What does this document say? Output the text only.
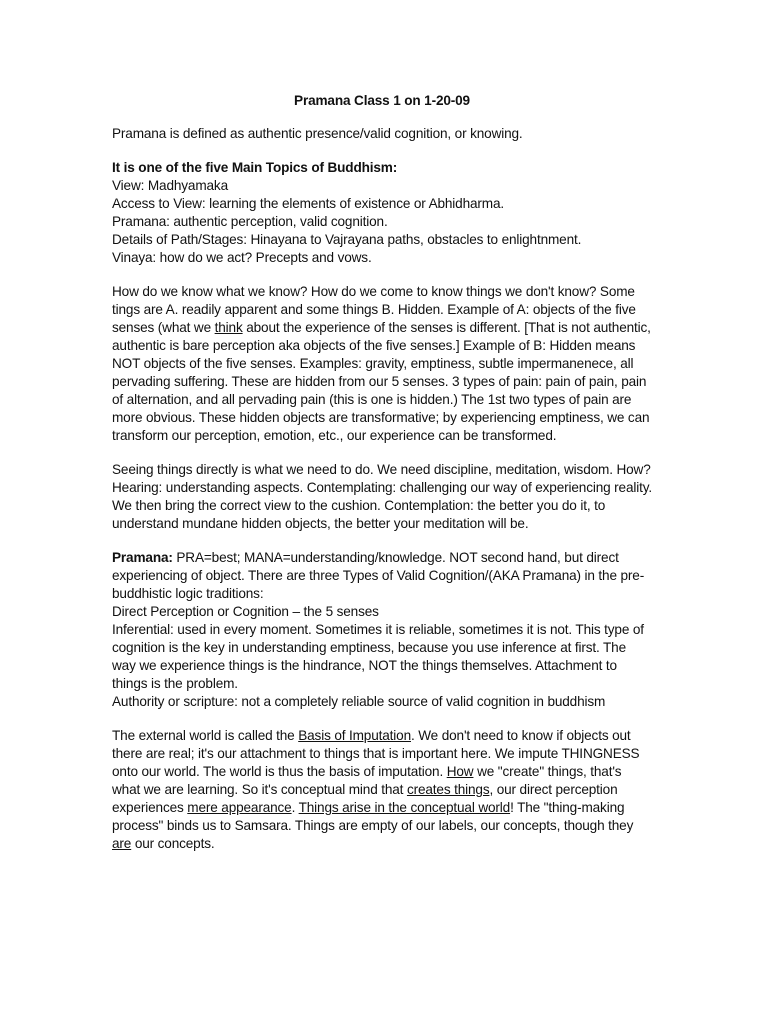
Pramana Class 1 on 1-20-09

Pramana is defined as authentic presence/valid cognition, or knowing.

It is one of the five Main Topics of Buddhism:

View: Madhyamaka

Access to View: learning the elements of existence or Abhidharma.

Pramana: authentic perception, valid cognition.

Details of Path/Stages: Hinayana to Vajrayana paths, obstacles to enlightnment.

Vinaya: how do we act? Precepts and vows.

How do we know what we know? How do we come to know things we don't know? Some tings are A. readily apparent and some things B. Hidden. Example of A: objects of the five senses (what we think about the experience of the senses is different. [That is not authentic, authentic is bare perception aka objects of the five senses.] Example of B: Hidden means NOT objects of the five senses. Examples: gravity, emptiness, subtle impermanenece, all pervading suffering. These are hidden from our 5 senses. 3 types of pain: pain of pain, pain of alternation, and all pervading pain (this is one is hidden.) The 1st two types of pain are more obvious. These hidden objects are transformative; by experiencing emptiness, we can transform our perception, emotion, etc., our experience can be transformed.

Seeing things directly is what we need to do. We need discipline, meditation, wisdom. How? Hearing: understanding aspects. Contemplating: challenging our way of experiencing reality. We then bring the correct view to the cushion. Contemplation: the better you do it, to understand mundane hidden objects, the better your meditation will be.

Pramana: PRA=best; MANA=understanding/knowledge. NOT second hand, but direct experiencing of object. There are three Types of Valid Cognition/(AKA Pramana) in the pre-buddhistic logic traditions:

Direct Perception or Cognition – the 5 senses

Inferential: used in every moment. Sometimes it is reliable, sometimes it is not. This type of cognition is the key in understanding emptiness, because you use inference at first. The way we experience things is the hindrance, NOT the things themselves. Attachment to things is the problem.

Authority or scripture: not a completely reliable source of valid cognition in buddhism

The external world is called the Basis of Imputation. We don't need to know if objects out there are real; it's our attachment to things that is important here. We impute THINGNESS onto our world. The world is thus the basis of imputation. How we "create" things, that's what we are learning. So it's conceptual mind that creates things, our direct perception experiences mere appearance. Things arise in the conceptual world! The "thing-making process" binds us to Samsara. Things are empty of our labels, our concepts, though they are our concepts.
